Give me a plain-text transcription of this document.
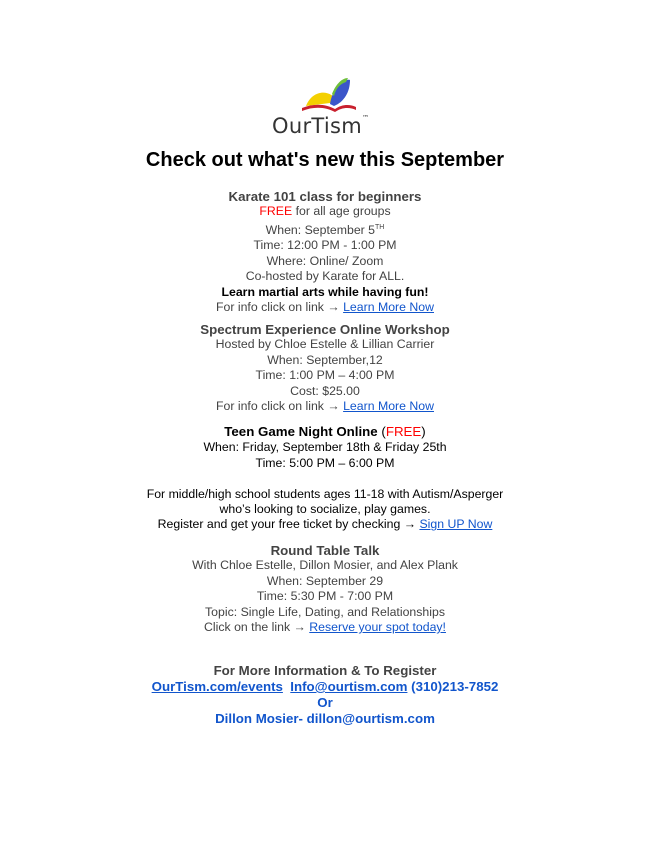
OurTism™
Check out what's new this September
Karate 101 class for beginners
FREE for all age groups
When: September 5TH
Time: 12:00 PM - 1:00 PM
Where: Online/ Zoom
Co-hosted by Karate for ALL.
Learn martial arts while having fun!
For info click on link → Learn More Now
Spectrum Experience Online Workshop
Hosted by Chloe Estelle & Lillian Carrier
When: September,12
Time: 1:00 PM – 4:00 PM
Cost: $25.00
For info click on link → Learn More Now
Teen Game Night Online (FREE)
When: Friday, September 18th & Friday 25th
Time: 5:00 PM – 6:00 PM
For middle/high school students ages 11-18 with Autism/Asperger
who’s looking to socialize, play games.
Register and get your free ticket by checking → Sign UP Now
Round Table Talk
With Chloe Estelle, Dillon Mosier, and Alex Plank
When: September 29
Time: 5:30 PM - 7:00 PM
Topic: Single Life, Dating, and Relationships
Click on the link → Reserve your spot today!
For More Information & To Register
OurTism.com/events Info@ourtism.com (310)213-7852
Or
Dillon Mosier- dillon@ourtism.com
